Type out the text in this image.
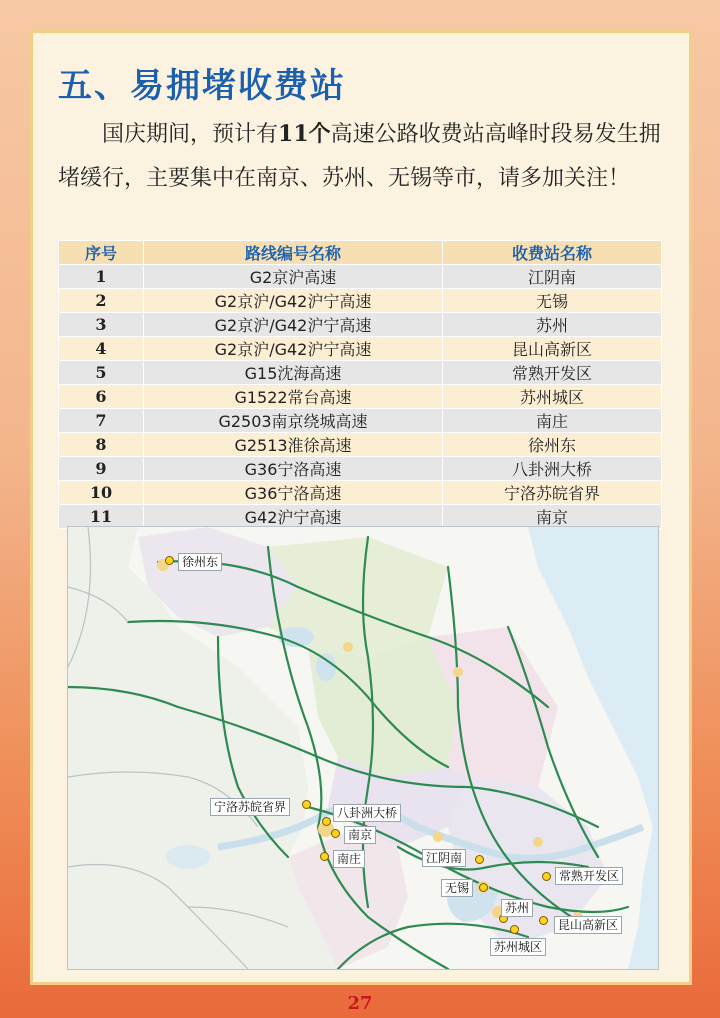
五、易拥堵收费站

国庆期间，预计有11个高速公路收费站高峰时段易发生拥堵缓行，主要集中在南京、苏州、无锡等市，请多加关注！

序号	路线编号名称	收费站名称
1	G2京沪高速	江阴南
2	G2京沪/G42沪宁高速	无锡
3	G2京沪/G42沪宁高速	苏州
4	G2京沪/G42沪宁高速	昆山高新区
5	G15沈海高速	常熟开发区
6	G1522常台高速	苏州城区
7	G2503南京绕城高速	南庄
8	G2513淮徐高速	徐州东
9	G36宁洛高速	八卦洲大桥
10	G36宁洛高速	宁洛苏皖省界
11	G42沪宁高速	南京
徐州东
宁洛苏皖省界	八卦洲大桥
南京
南庄	江阴南
常熟开发区
无锡
苏州
昆山高新区
苏州城区
27
